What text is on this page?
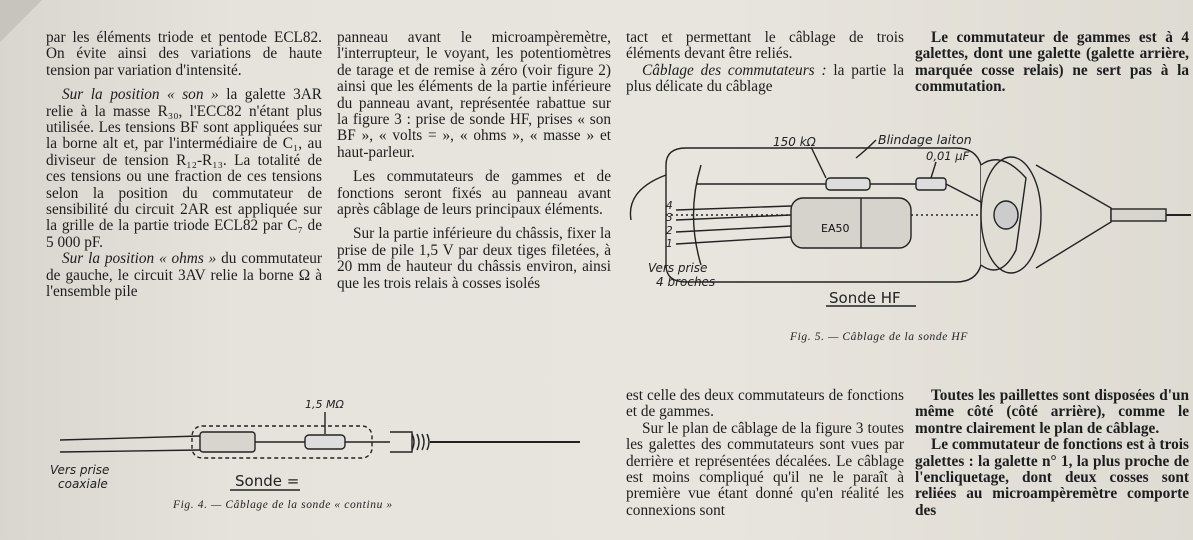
par les éléments triode et pentode ECL82. On évite ainsi des variations de haute tension par variation d'intensité.

Sur la position « son » la galette 3AR relie à la masse R₃₀, l'ECC82 n'étant plus utilisée. Les tensions BF sont appliquées sur la borne alt et, par l'intermédiaire de C₁, au diviseur de tension R₁₂-R₁₃. La totalité de ces tensions ou une fraction de ces tensions selon la position du commutateur de sensibilité du circuit 2AR est appliquée sur la grille de la partie triode ECL82 par C₇ de 5 000 pF.

Sur la position « ohms » du commutateur de gauche, le circuit 3AV relie la borne Ω à l'ensemble pile

panneau avant le microampèremètre, l'interrupteur, le voyant, les potentiomètres de tarage et de remise à zéro (voir figure 2) ainsi que les éléments de la partie inférieure du panneau avant, représentée rabattue sur la figure 3 : prise de sonde HF, prises « son BF », « volts = », « ohms », « masse » et haut-parleur.

Les commutateurs de gammes et de fonctions seront fixés au panneau avant après câblage de leurs principaux éléments.

Sur la partie inférieure du châssis, fixer la prise de pile 1,5 V par deux tiges filetées, à 20 mm de hauteur du châssis environ, ainsi que les trois relais à cosses isolés

tact et permettant le câblage de trois éléments devant être reliés.

Câblage des commutateurs : la partie la plus délicate du câblage

Le commutateur de gammes est à 4 galettes, dont une galette (galette arrière, marquée cosse relais) ne sert pas à la commutation.

150 kΩ	Blindage laiton
0,01 µF
EA50
4
3
2
1
Vers prise
4 broches
Sonde HF
Fig. 5. — Câblage de la sonde HF
1,5 MΩ
Vers prise
coaxiale	Sonde =
Fig. 4. — Câblage de la sonde « continu »

est celle des deux commutateurs de fonctions et de gammes.

Sur le plan de câblage de la figure 3 toutes les galettes des commutateurs sont vues par derrière et représentées décalées. Le câblage est moins compliqué qu'il ne le paraît à première vue étant donné qu'en réalité les connexions sont

Toutes les paillettes sont disposées d'un même côté (côté arrière), comme le montre clairement le plan de câblage.

Le commutateur de fonctions est à trois galettes : la galette n° 1, la plus proche de l'encliquetage, dont deux cosses sont reliées au microampèremètre comporte des
